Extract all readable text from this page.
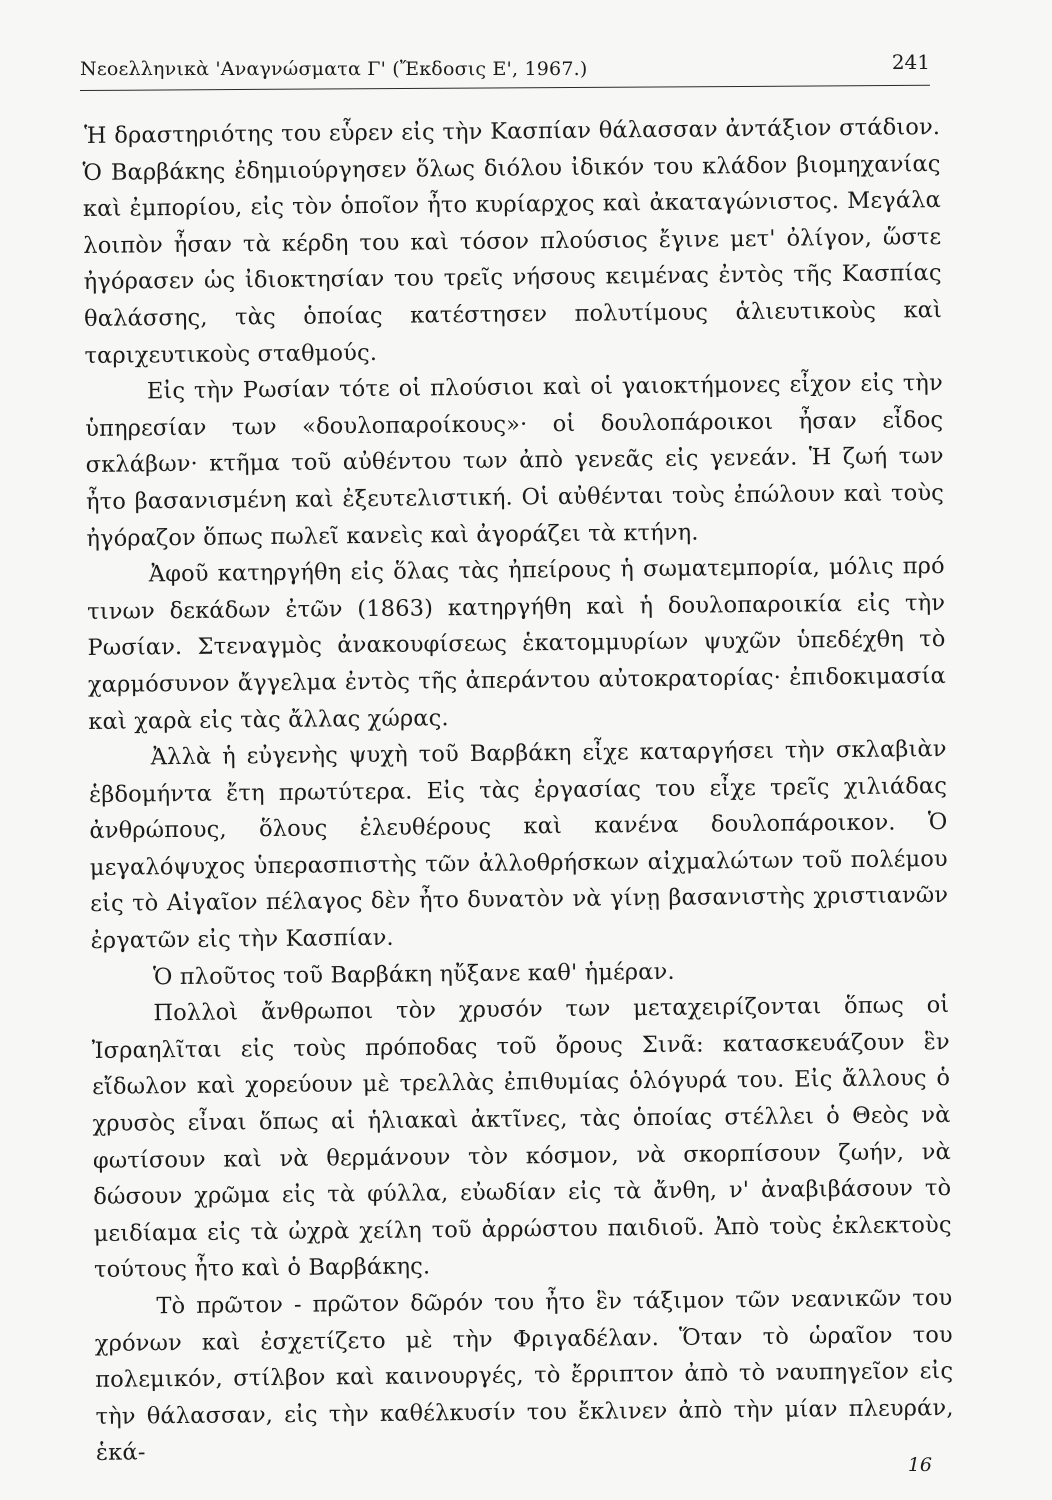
Νεοελληνικὰ 'Αναγνώσματα Γ' (Ἔκδοσις Ε', 1967.)	241

Ἡ δραστηριότης του εὗρεν εἰς τὴν Κασπίαν θάλασσαν ἀντάξιον στάδιον. Ὁ Βαρβάκης ἐδημιούργησεν ὅλως διόλου ἰδικόν του κλάδον βιομηχανίας καὶ ἐμπορίου, εἰς τὸν ὁποῖον ἦτο κυρίαρχος καὶ ἀκαταγώνιστος. Μεγάλα λοιπὸν ἦσαν τὰ κέρδη του καὶ τόσον πλούσιος ἔγινε μετ' ὀλίγον, ὥστε ἠγόρασεν ὡς ἰδιοκτησίαν του τρεῖς νήσους κειμένας ἐντὸς τῆς Κασπίας θαλάσσης, τὰς ὁποίας κατέστησεν πολυτίμους ἁλιευτικοὺς καὶ ταριχευτικοὺς σταθμούς.

Εἰς τὴν Ρωσίαν τότε οἱ πλούσιοι καὶ οἱ γαιοκτήμονες εἶχον εἰς τὴν ὑπηρεσίαν των «δουλοπαροίκους»· οἱ δουλοπάροικοι ἦσαν εἶδος σκλάβων· κτῆμα τοῦ αὐθέντου των ἀπὸ γενεᾶς εἰς γενεάν. Ἡ ζωή των ἦτο βασανισμένη καὶ ἐξευτελιστική. Οἱ αὐθένται τοὺς ἐπώλουν καὶ τοὺς ἠγόραζον ὅπως πωλεῖ κανεὶς καὶ ἀγοράζει τὰ κτήνη.

Ἀφοῦ κατηργήθη εἰς ὅλας τὰς ἠπείρους ἡ σωματεμπορία, μόλις πρό τινων δεκάδων ἐτῶν (1863) κατηργήθη καὶ ἡ δουλοπαροικία εἰς τὴν Ρωσίαν. Στεναγμὸς ἀνακουφίσεως ἑκατομμυρίων ψυχῶν ὑπεδέχθη τὸ χαρμόσυνον ἄγγελμα ἐντὸς τῆς ἀπεράντου αὐτοκρατορίας· ἐπιδοκιμασία καὶ χαρὰ εἰς τὰς ἄλλας χώρας.

Ἀλλὰ ἡ εὐγενὴς ψυχὴ τοῦ Βαρβάκη εἶχε καταργήσει τὴν σκλαβιὰν ἑβδομήντα ἔτη πρωτύτερα. Εἰς τὰς ἐργασίας του εἶχε τρεῖς χιλιάδας ἀνθρώπους, ὅλους ἐλευθέρους καὶ κανένα δουλοπάροικον. Ὁ μεγαλόψυχος ὑπερασπιστὴς τῶν ἀλλοθρήσκων αἰχμαλώτων τοῦ πολέμου εἰς τὸ Αἰγαῖον πέλαγος δὲν ἦτο δυνατὸν νὰ γίνῃ βασανιστὴς χριστιανῶν ἐργατῶν εἰς τὴν Κασπίαν.

Ὁ πλοῦτος τοῦ Βαρβάκη ηὔξανε καθ' ἡμέραν.

Πολλοὶ ἄνθρωποι τὸν χρυσόν των μεταχειρίζονται ὅπως οἱ Ἰσραηλῖται εἰς τοὺς πρόποδας τοῦ ὄρους Σινᾶ: κατασκευάζουν ἓν εἴδωλον καὶ χορεύουν μὲ τρελλὰς ἐπιθυμίας ὁλόγυρά του. Εἰς ἄλλους ὁ χρυσὸς εἶναι ὅπως αἱ ἡλιακαὶ ἀκτῖνες, τὰς ὁποίας στέλλει ὁ Θεὸς νὰ φωτίσουν καὶ νὰ θερμάνουν τὸν κόσμον, νὰ σκορπίσουν ζωήν, νὰ δώσουν χρῶμα εἰς τὰ φύλλα, εὐωδίαν εἰς τὰ ἄνθη, ν' ἀναβιβάσουν τὸ μειδίαμα εἰς τὰ ὠχρὰ χείλη τοῦ ἀρρώστου παιδιοῦ. Ἀπὸ τοὺς ἐκλεκτοὺς τούτους ἦτο καὶ ὁ Βαρβάκης.

Τὸ πρῶτον - πρῶτον δῶρόν του ἦτο ἓν τάξιμον τῶν νεανικῶν του χρόνων καὶ ἐσχετίζετο μὲ τὴν Φριγαδέλαν. Ὅταν τὸ ὡραῖον του πολεμικόν, στίλβον καὶ καινουργές, τὸ ἔρριπτον ἀπὸ τὸ ναυπηγεῖον εἰς τὴν θάλασσαν, εἰς τὴν καθέλκυσίν του ἔκλινεν ἀπὸ τὴν μίαν πλευράν, ἑκά-	16
